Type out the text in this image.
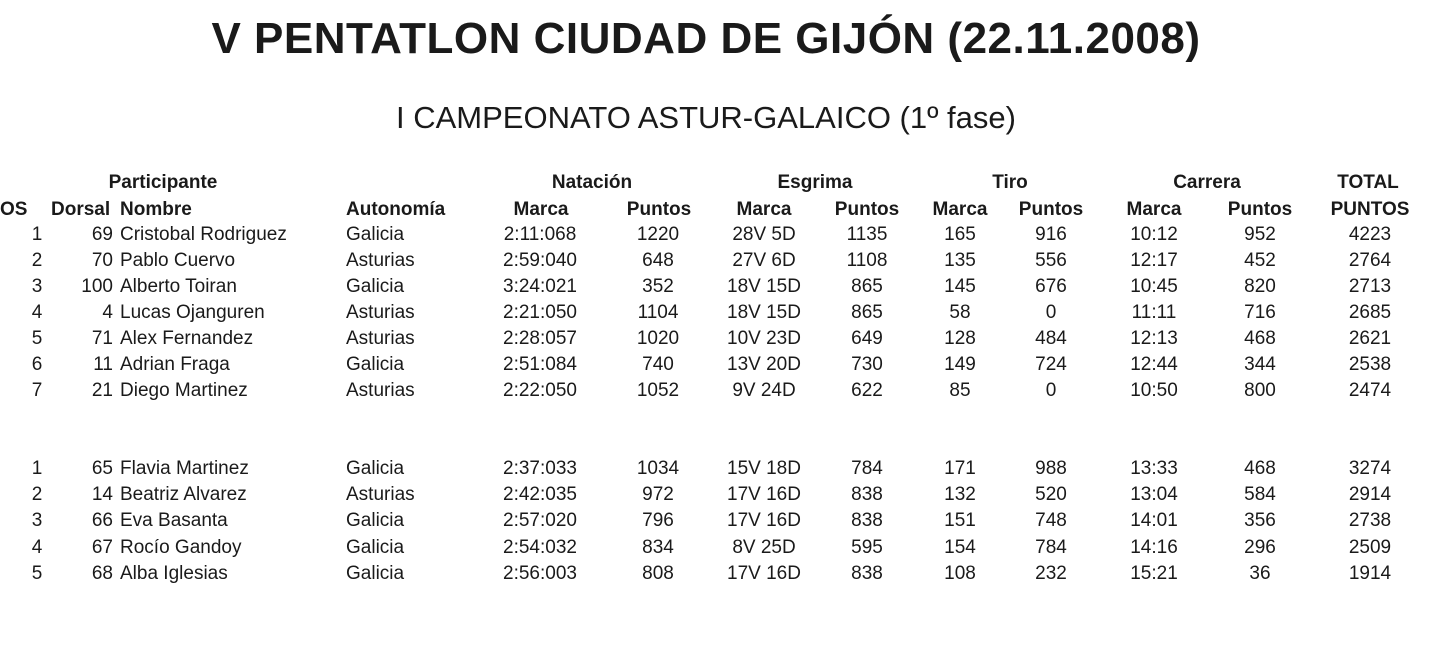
V PENTATLON CIUDAD DE GIJÓN (22.11.2008)
I CAMPEONATO ASTUR-GALAICO (1º fase)
Participante	Natación	Esgrima	Tiro	Carrera	TOTAL
OS Dorsal Nombre	Autonomía	Marca	Puntos Marca Puntos Marca Puntos Marca Puntos PUNTOS
1	69 Cristobal Rodriguez	Galicia	2:11:068	1220	28V 5D	1135	165	916	10:12	952	4223
2	70 Pablo Cuervo	Asturias	2:59:040	648	27V 6D	1108	135	556	12:17	452	2764
3	100 Alberto Toiran	Galicia	3:24:021	352	18V 15D	865	145	676	10:45	820	2713
4	4 Lucas Ojanguren	Asturias	2:21:050	1104	18V 15D	865	58	0	11:11	716	2685
5	71 Alex Fernandez	Asturias	2:28:057	1020	10V 23D	649	128	484	12:13	468	2621
6	11 Adrian Fraga	Galicia	2:51:084	740	13V 20D	730	149	724	12:44	344	2538
7	21 Diego Martinez	Asturias	2:22:050	1052	9V 24D	622	85	0	10:50	800	2474
1	65 Flavia Martinez	Galicia	2:37:033	1034	15V 18D	784	171	988	13:33	468	3274
2	14 Beatriz Alvarez	Asturias	2:42:035	972	17V 16D	838	132	520	13:04	584	2914
3	66 Eva Basanta	Galicia	2:57:020	796	17V 16D	838	151	748	14:01	356	2738
4	67 Rocío Gandoy	Galicia	2:54:032	834	8V 25D	595	154	784	14:16	296	2509
5	68 Alba Iglesias	Galicia	2:56:003	808	17V 16D	838	108	232	15:21	36	1914
